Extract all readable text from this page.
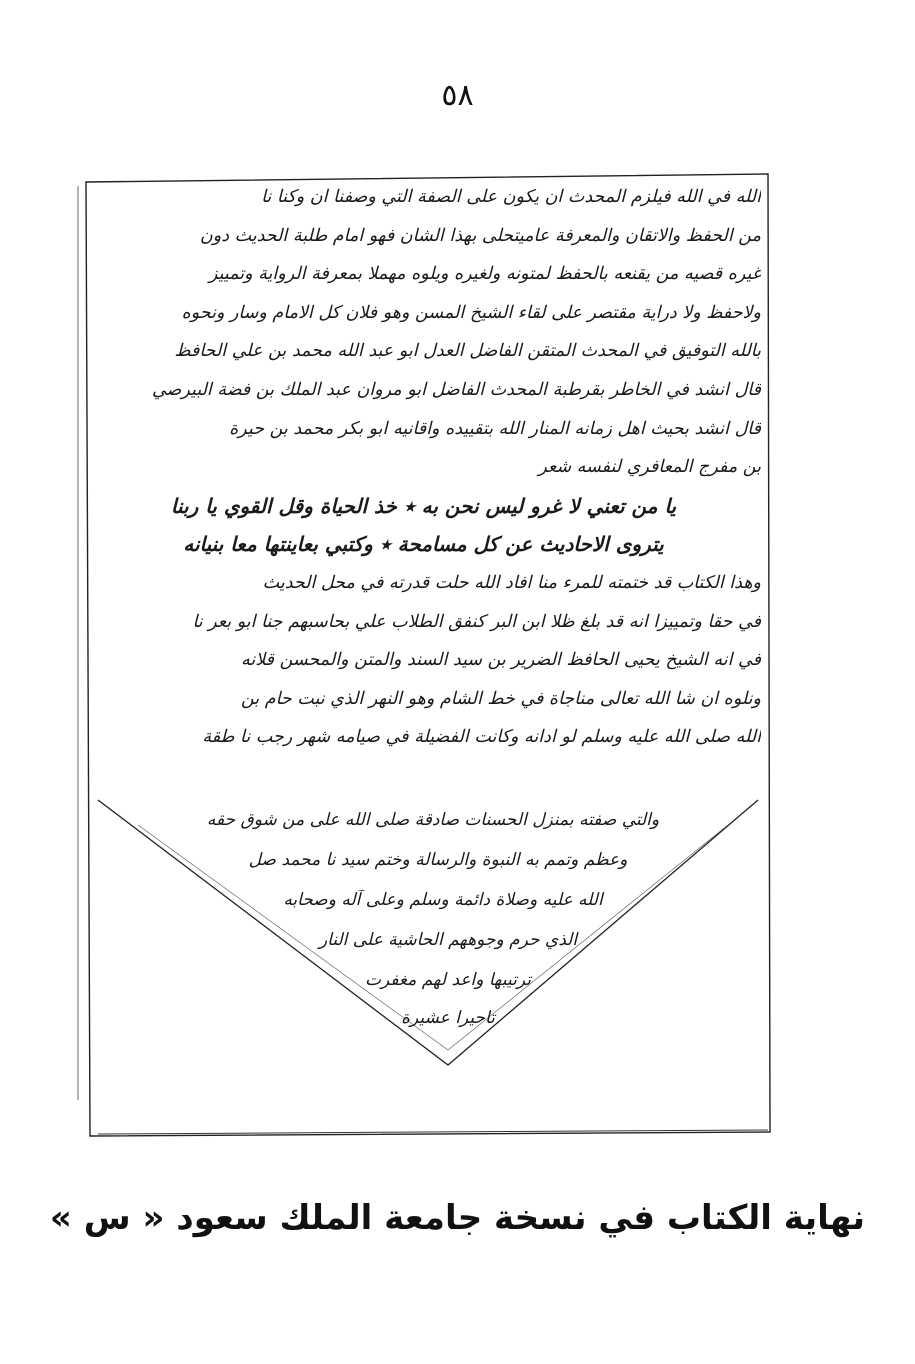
٥٨
الله في الله فيلزم المحدث ان يكون على الصفة التي وصفنا ان وكنا نا
من الحفظ والاتقان والمعرفة عاميتحلى بهذا الشان فهو امام طلبة الحديث دون
غيره قصيه من يقنعه بالحفظ لمتونه ولغيره ويلوه مهملا بمعرفة الرواية وتمييز
ولاحفظ ولا دراية مقتصر على لقاء الشيخ المسن وهو فلان كل الامام وسار ونحوه
بالله التوفيق في المحدث المتقن الفاضل العدل ابو عبد الله محمد بن علي الحافظ
قال انشد في الخاطر بقرطبة المحدث الفاضل ابو مروان عبد الملك بن فضة البيرصي
قال انشد بحيث اهل زمانه المنار الله بتقييده واقانيه ابو بكر محمد بن حيرة
بن مفرج المعافري لنفسه شعر
يا من تعني لا غرو ليس نحن به ٭ خذ الحياة وقل القوي يا ربنا
يتروى الاحاديث عن كل مسامحة ٭ وكتبي بعاينتها معا بنيانه
وهذا الكتاب قد ختمته للمرء منا افاد الله حلت قدرته في محل الحديث
في حقا وتمييزا انه قد بلغ ظلا ابن البر كنفق الطلاب علي بحاسبهم جنا ابو بعر نا
في انه الشيخ يحيى الحافظ الضرير بن سيد السند والمتن والمحسن قلانه
ونلوه ان شا الله تعالى مناجاة في خط الشام وهو النهر الذي نبت حام بن
الله صلى الله عليه وسلم لو ادانه وكانت الفضيلة في صيامه شهر رجب نا طقة
والتي صفته بمنزل الحسنات صادقة صلى الله على من شوق حقه
وعظم وتمم به النبوة والرسالة وختم سيد نا محمد صل
الله عليه وصلاة دائمة وسلم وعلى آله وصحابه
الذي حرم وجوههم الحاشية على النار
ترتيبها واعد لهم مغفرت
تاحيرا عشيرة
نهاية الكتاب في نسخة جامعة الملك سعود « س »
